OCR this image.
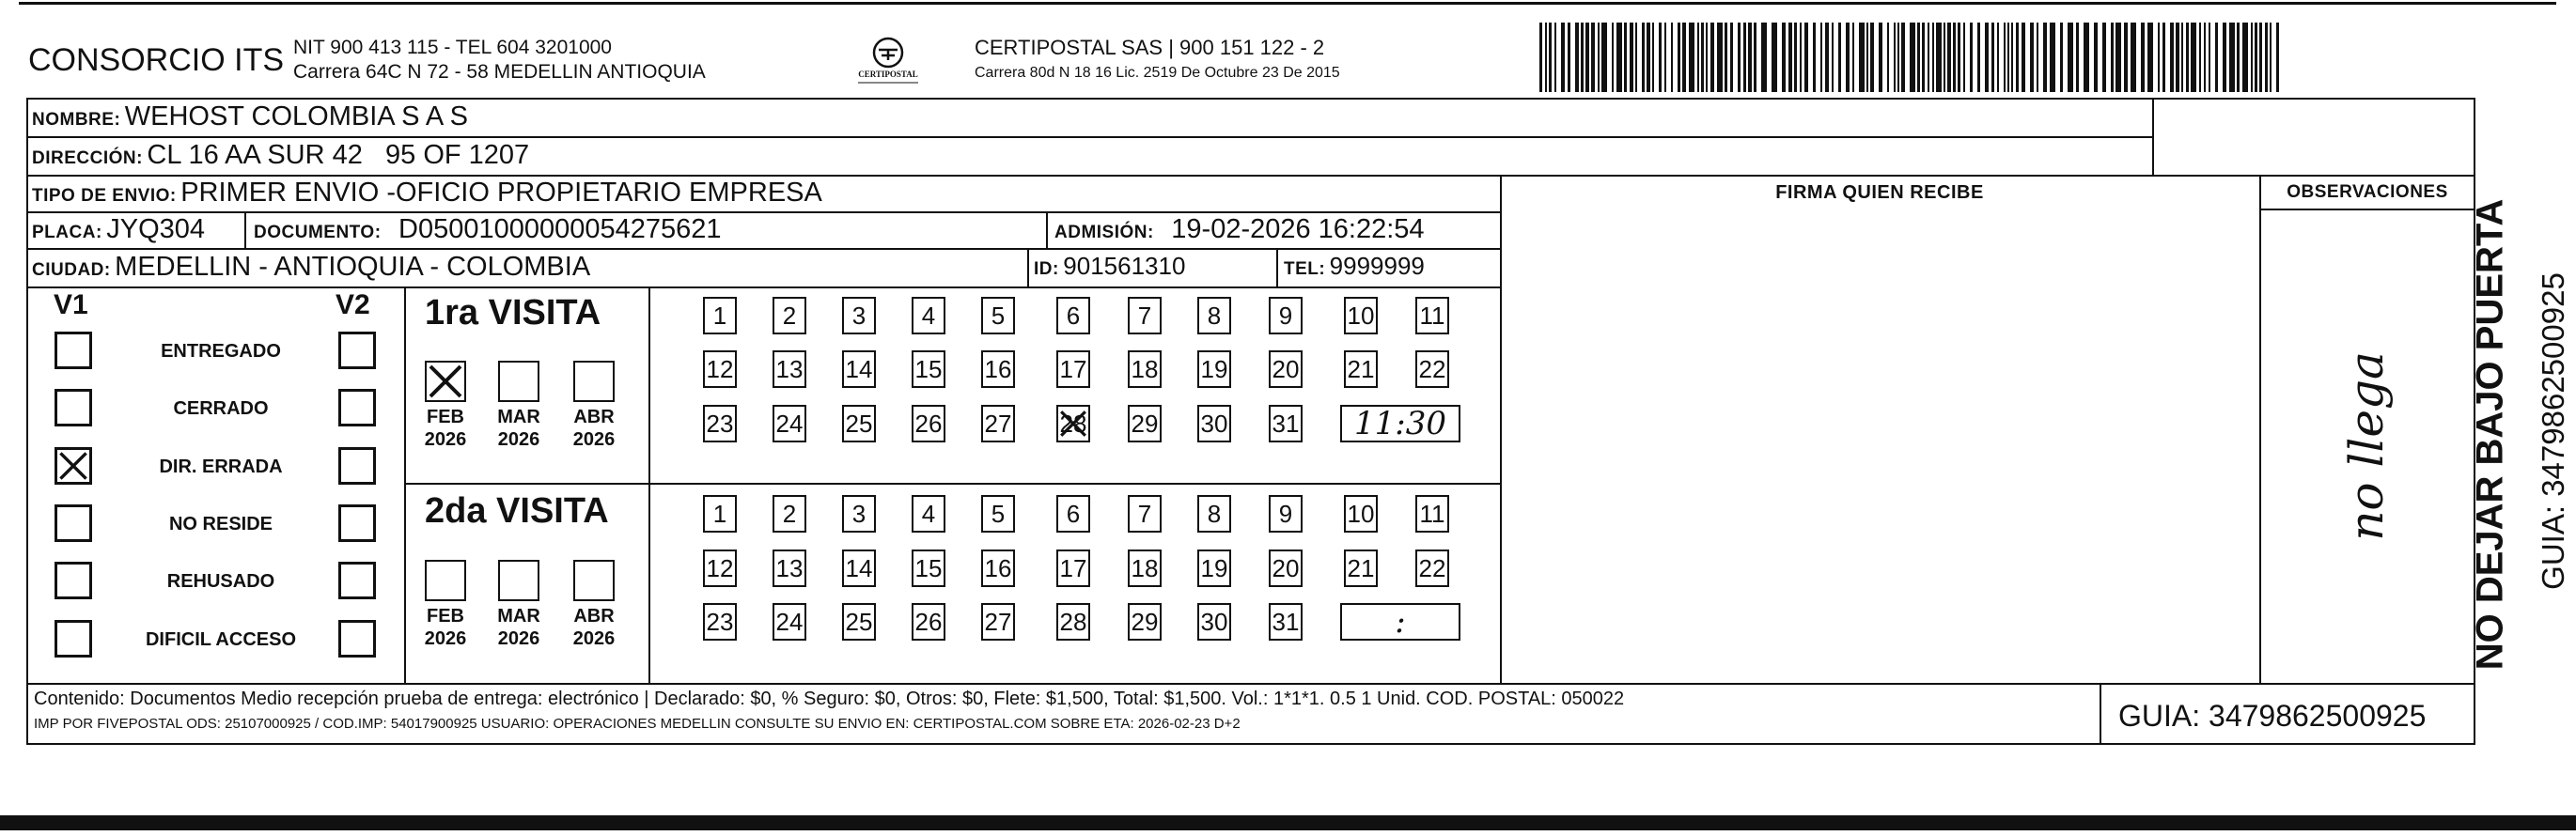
CONSORCIO ITS NIT 900 413 115 - TEL 604 3201000
Carrera 64C N 72 - 58 MEDELLIN ANTIOQUIA	CERTIPOSTAL
CERTIPOSTAL SAS | 900 151 122 - 2
Carrera 80d N 18 16 Lic. 2519 De Octubre 23 De 2015
NOMBRE: WEHOST COLOMBIA S A S
DIRECCIÓN: CL 16 AA SUR 42   95 OF 1207
TIPO DE ENVIO: PRIMER ENVIO -OFICIO PROPIETARIO EMPRESA
PLACA: JYQ304	DOCUMENTO: D05001000000054275621	ADMISIÓN: 19-02-2026 16:22:54
CIUDAD: MEDELLIN - ANTIOQUIA - COLOMBIA	ID: 901561310	TEL: 9999999
FIRMA QUIEN RECIBE	OBSERVACIONES
no llega
V1	V2 1ra VISITA
2da VISITA	NO DEJAR BAJO PUERTA GUIA: 3479862500925
Contenido: Documentos Medio recepción prueba de entrega: electrónico | Declarado: $0, % Seguro: $0, Otros: $0, Flete: $1,500, Total: $1,500. Vol.: 1*1*1. 0.5 1 Unid. COD. POSTAL: 050022
IMP POR FIVEPOSTAL ODS: 25107000925 / COD.IMP: 54017900925 USUARIO: OPERACIONES MEDELLIN CONSULTE SU ENVIO EN: CERTIPOSTAL.COM SOBRE ETA: 2026-02-23 D+2	GUIA: 3479862500925
ENTREGADO
CERRADO
DIR. ERRADA
NO RESIDE
REHUSADO
DIFICIL ACCESO
FEB
2026
MAR
2026
ABR
2026
FEB
2026
MAR
2026
ABR
2026
1	2	3	4	5	6	7	8	9	10 11
12 13 14 15 16 17 18 19 20 21 22
23 24 25 26 27 28 29 30 31	11:30
1	2	3	4	5	6	7	8	9	10 11
12 13 14 15 16 17 18 19 20 21 22
23 24 25 26 27 28 29 30 31	:
